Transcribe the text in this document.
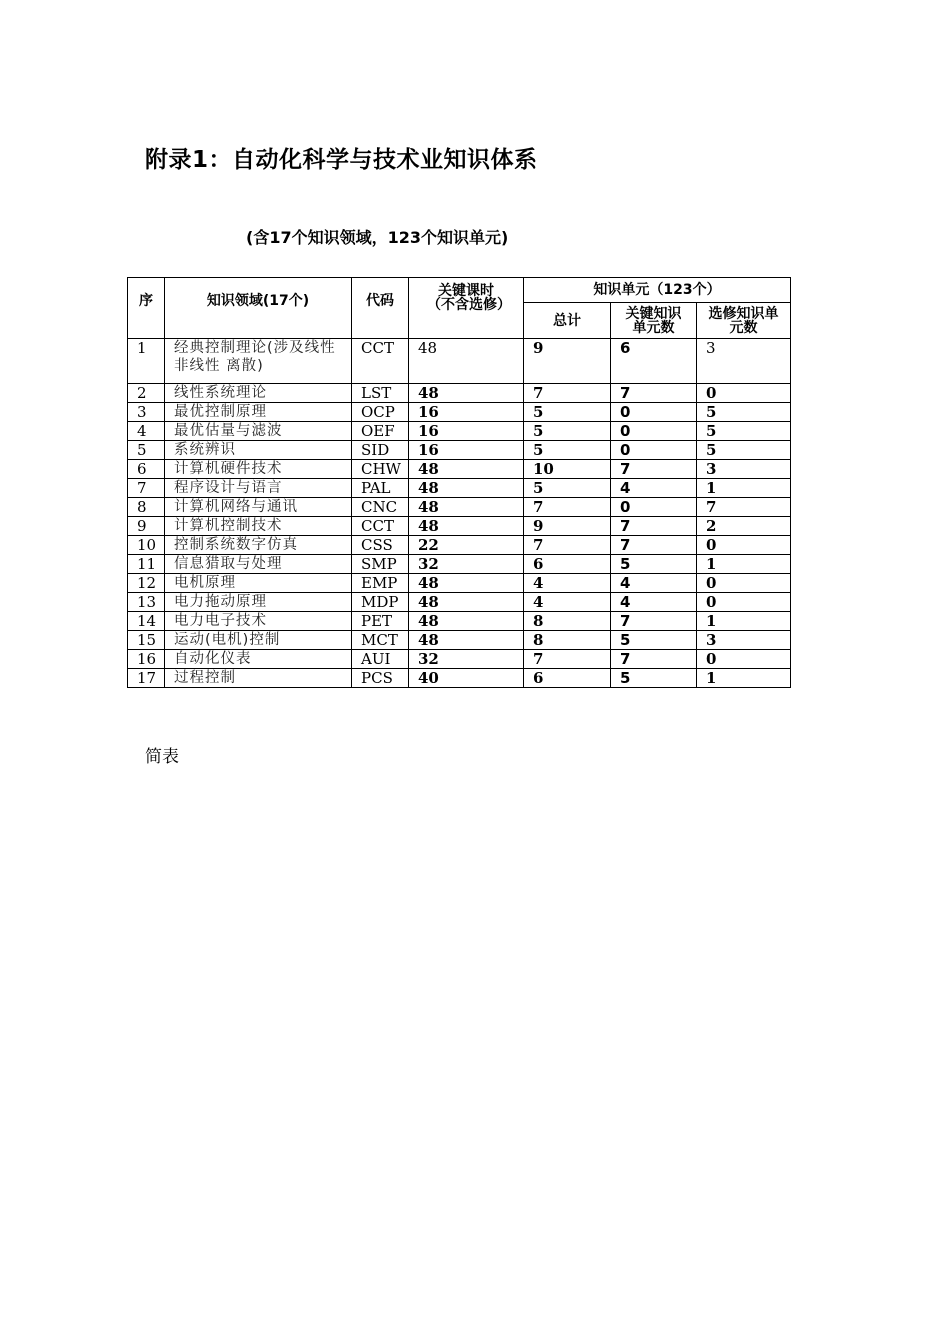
附录1：自动化科学与技术业知识体系
(含17个知识领域，123个知识单元)
序	知识领域(17个)	代码	关键课时（不含选修）	知识单元（123个）		
				总计	关键知识单元数	选修知识单元数
1	经典控制理论(涉及线性 非线性 离散)	CCT	48	9	6	3
2	线性系统理论	LST	48	7	7	0
3	最优控制原理	OCP	16	5	0	5
4	最优估量与滤波	OEF	16	5	0	5
5	系统辨识	SID	16	5	0	5
6	计算机硬件技术	CHW	48	10	7	3
7	程序设计与语言	PAL	48	5	4	1
8	计算机网络与通讯	CNC	48	7	0	7
9	计算机控制技术	CCT	48	9	7	2
10	控制系统数字仿真	CSS	22	7	7	0
11	信息猎取与处理	SMP	32	6	5	1
12	电机原理	EMP	48	4	4	0
13	电力拖动原理	MDP	48	4	4	0
14	电力电子技术	PET	48	8	7	1
15	运动(电机)控制	MCT	48	8	5	3
16	自动化仪表	AUI	32	7	7	0
17	过程控制	PCS	40	6	5	1
简表
